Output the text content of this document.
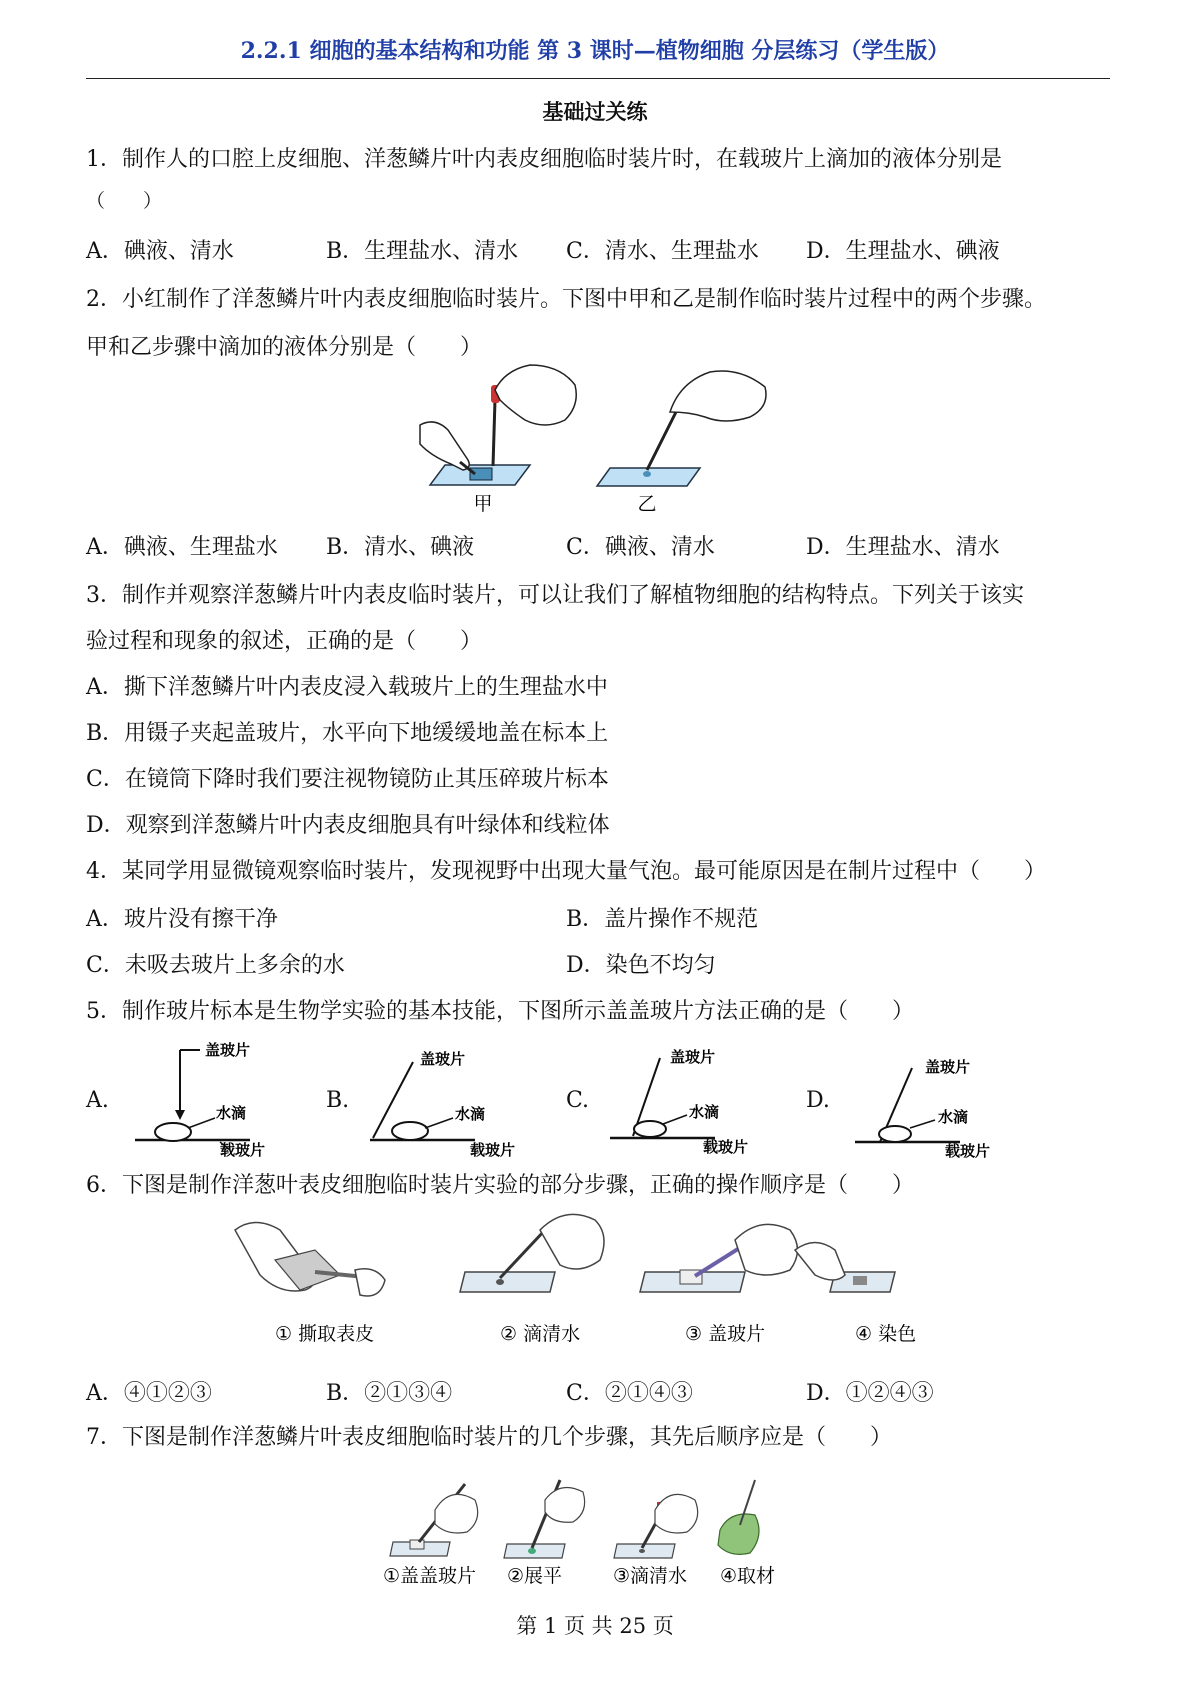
2.2.1 细胞的基本结构和功能 第 3 课时—植物细胞 分层练习（学生版）
基础过关练
1．制作人的口腔上皮细胞、洋葱鳞片叶内表皮细胞临时装片时，在载玻片上滴加的液体分别是
（　　）
A．碘液、清水	B．生理盐水、清水 C．清水、生理盐水 D．生理盐水、碘液
2．小红制作了洋葱鳞片叶内表皮细胞临时装片。下图中甲和乙是制作临时装片过程中的两个步骤。
甲和乙步骤中滴加的液体分别是（　　）
甲	乙
A．碘液、生理盐水 B．清水、碘液	C．碘液、清水	D．生理盐水、清水
3．制作并观察洋葱鳞片叶内表皮临时装片，可以让我们了解植物细胞的结构特点。下列关于该实
验过程和现象的叙述，正确的是（　　）
A．撕下洋葱鳞片叶内表皮浸入载玻片上的生理盐水中
B．用镊子夹起盖玻片，水平向下地缓缓地盖在标本上
C．在镜筒下降时我们要注视物镜防止其压碎玻片标本
D．观察到洋葱鳞片叶内表皮细胞具有叶绿体和线粒体
4．某同学用显微镜观察临时装片，发现视野中出现大量气泡。最可能原因是在制片过程中（　　）
A．玻片没有擦干净	B．盖片操作不规范
C．未吸去玻片上多余的水	D．染色不均匀
5．制作玻片标本是生物学实验的基本技能，下图所示盖盖玻片方法正确的是（　　）
A.
盖玻片
水滴
载玻片
B.
盖玻片
水滴
载玻片
C.
盖玻片
水滴
载玻片
D.
盖玻片
水滴
载玻片
6．下图是制作洋葱叶表皮细胞临时装片实验的部分步骤，正确的操作顺序是（　　）
① 撕取表皮	② 滴清水	③ 盖玻片	④ 染色
A．④①②③	B．②①③④	C．②①④③	D．①②④③
7．下图是制作洋葱鳞片叶表皮细胞临时装片的几个步骤，其先后顺序应是（　　）
①盖盖玻片 ②展平	③滴清水 ④取材
第 1 页 共 25 页
